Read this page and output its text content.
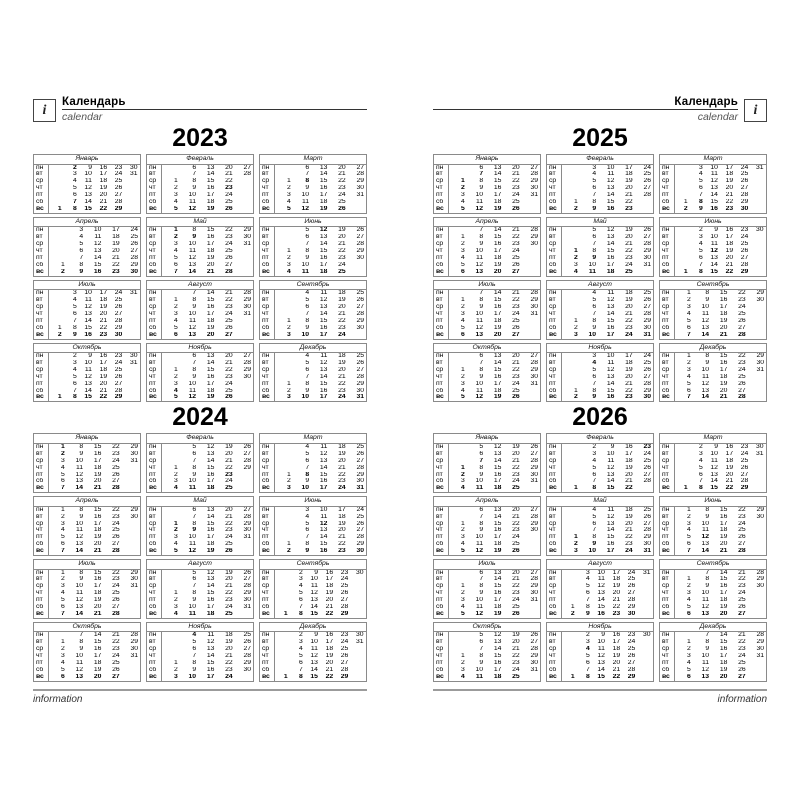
i
Календарь
calendar
2023
Январь
пн		2	9	16	23	30
вт		3	10	17	24	31
ср		4	11	18	25	
чт		5	12	19	26	
пт		6	13	20	27	
сб		7	14	21	28	
вс	1	8	15	22	29	
Февраль
пн		6	13	20	27
вт		7	14	21	28
ср	1	8	15	22	
чт	2	9	16	23	
пт	3	10	17	24	
сб	4	11	18	25	
вс	5	12	19	26	
Март
пн		6	13	20	27
вт		7	14	21	28
ср	1	8	15	22	29
чт	2	9	16	23	30
пт	3	10	17	24	31
сб	4	11	18	25	
вс	5	12	19	26	
Апрель
пн		3	10	17	24
вт		4	11	18	25
ср		5	12	19	26
чт		6	13	20	27
пт		7	14	21	28
сб	1	8	15	22	29
вс	2	9	16	23	30
Май
пн	1	8	15	22	29
вт	2	9	16	23	30
ср	3	10	17	24	31
чт	4	11	18	25	
пт	5	12	19	26	
сб	6	13	20	27	
вс	7	14	21	28	
Июнь
пн		5	12	19	26
вт		6	13	20	27
ср		7	14	21	28
чт	1	8	15	22	29
пт	2	9	16	23	30
сб	3	10	17	24	
вс	4	11	18	25	
Июль
пн		3	10	17	24	31
вт		4	11	18	25	
ср		5	12	19	26	
чт		6	13	20	27	
пт		7	14	21	28	
сб	1	8	15	22	29	
вс	2	9	16	23	30	
Август
пн		7	14	21	28
вт	1	8	15	22	29
ср	2	9	16	23	30
чт	3	10	17	24	31
пт	4	11	18	25	
сб	5	12	19	26	
вс	6	13	20	27	
Сентябрь
пн		4	11	18	25
вт		5	12	19	26
ср		6	13	20	27
чт		7	14	21	28
пт	1	8	15	22	29
сб	2	9	16	23	30
вс	3	10	17	24	
Октябрь
пн		2	9	16	23	30
вт		3	10	17	24	31
ср		4	11	18	25	
чт		5	12	19	26	
пт		6	13	20	27	
сб		7	14	21	28	
вс	1	8	15	22	29	
Ноябрь
пн		6	13	20	27
вт		7	14	21	28
ср	1	8	15	22	29
чт	2	9	16	23	30
пт	3	10	17	24	
сб	4	11	18	25	
вс	5	12	19	26	
Декабрь
пн		4	11	18	25
вт		5	12	19	26
ср		6	13	20	27
чт		7	14	21	28
пт	1	8	15	22	29
сб	2	9	16	23	30
вс	3	10	17	24	31
2024
Январь
пн	1	8	15	22	29
вт	2	9	16	23	30
ср	3	10	17	24	31
чт	4	11	18	25	
пт	5	12	19	26	
сб	6	13	20	27	
вс	7	14	21	28	
Февраль
пн		5	12	19	26
вт		6	13	20	27
ср		7	14	21	28
чт	1	8	15	22	29
пт	2	9	16	23	
сб	3	10	17	24	
вс	4	11	18	25	
Март
пн		4	11	18	25
вт		5	12	19	26
ср		6	13	20	27
чт		7	14	21	28
пт	1	8	15	22	29
сб	2	9	16	23	30
вс	3	10	17	24	31
Апрель
пн	1	8	15	22	29
вт	2	9	16	23	30
ср	3	10	17	24	
чт	4	11	18	25	
пт	5	12	19	26	
сб	6	13	20	27	
вс	7	14	21	28	
Май
пн		6	13	20	27
вт		7	14	21	28
ср	1	8	15	22	29
чт	2	9	16	23	30
пт	3	10	17	24	31
сб	4	11	18	25	
вс	5	12	19	26	
Июнь
пн		3	10	17	24
вт		4	11	18	25
ср		5	12	19	26
чт		6	13	20	27
пт		7	14	21	28
сб	1	8	15	22	29
вс	2	9	16	23	30
Июль
пн	1	8	15	22	29
вт	2	9	16	23	30
ср	3	10	17	24	31
чт	4	11	18	25	
пт	5	12	19	26	
сб	6	13	20	27	
вс	7	14	21	28	
Август
пн		5	12	19	26
вт		6	13	20	27
ср		7	14	21	28
чт	1	8	15	22	29
пт	2	9	16	23	30
сб	3	10	17	24	31
вс	4	11	18	25	
Сентябрь
пн		2	9	16	23	30
вт		3	10	17	24	
ср		4	11	18	25	
чт		5	12	19	26	
пт		6	13	20	27	
сб		7	14	21	28	
вс	1	8	15	22	29	
Октябрь
пн		7	14	21	28
вт	1	8	15	22	29
ср	2	9	16	23	30
чт	3	10	17	24	31
пт	4	11	18	25	
сб	5	12	19	26	
вс	6	13	20	27	
Ноябрь
пн		4	11	18	25
вт		5	12	19	26
ср		6	13	20	27
чт		7	14	21	28
пт	1	8	15	22	29
сб	2	9	16	23	30
вс	3	10	17	24	
Декабрь
пн		2	9	16	23	30
вт		3	10	17	24	31
ср		4	11	18	25	
чт		5	12	19	26	
пт		6	13	20	27	
сб		7	14	21	28	
вс	1	8	15	22	29	
information
i
Календарь
calendar
2025
Январь
пн		6	13	20	27
вт		7	14	21	28
ср	1	8	15	22	29
чт	2	9	16	23	30
пт	3	10	17	24	31
сб	4	11	18	25	
вс	5	12	19	26	
Февраль
пн		3	10	17	24
вт		4	11	18	25
ср		5	12	19	26
чт		6	13	20	27
пт		7	14	21	28
сб	1	8	15	22	
вс	2	9	16	23	
Март
пн		3	10	17	24	31
вт		4	11	18	25	
ср		5	12	19	26	
чт		6	13	20	27	
пт		7	14	21	28	
сб	1	8	15	22	29	
вс	2	9	16	23	30	
Апрель
пн		7	14	21	28
вт	1	8	15	22	29
ср	2	9	16	23	30
чт	3	10	17	24	
пт	4	11	18	25	
сб	5	12	19	26	
вс	6	13	20	27	
Май
пн		5	12	19	26
вт		6	13	20	27
ср		7	14	21	28
чт	1	8	15	22	29
пт	2	9	16	23	30
сб	3	10	17	24	31
вс	4	11	18	25	
Июнь
пн		2	9	16	23	30
вт		3	10	17	24	
ср		4	11	18	25	
чт		5	12	19	26	
пт		6	13	20	27	
сб		7	14	21	28	
вс	1	8	15	22	29	
Июль
пн		7	14	21	28
вт	1	8	15	22	29
ср	2	9	16	23	30
чт	3	10	17	24	31
пт	4	11	18	25	
сб	5	12	19	26	
вс	6	13	20	27	
Август
пн		4	11	18	25
вт		5	12	19	26
ср		6	13	20	27
чт		7	14	21	28
пт	1	8	15	22	29
сб	2	9	16	23	30
вс	3	10	17	24	31
Сентябрь
пн	1	8	15	22	29
вт	2	9	16	23	30
ср	3	10	17	24	
чт	4	11	18	25	
пт	5	12	19	26	
сб	6	13	20	27	
вс	7	14	21	28	
Октябрь
пн		6	13	20	27
вт		7	14	21	28
ср	1	8	15	22	29
чт	2	9	16	23	30
пт	3	10	17	24	31
сб	4	11	18	25	
вс	5	12	19	26	
Ноябрь
пн		3	10	17	24
вт		4	11	18	25
ср		5	12	19	26
чт		6	13	20	27
пт		7	14	21	28
сб	1	8	15	22	29
вс	2	9	16	23	30
Декабрь
пн	1	8	15	22	29
вт	2	9	16	23	30
ср	3	10	17	24	31
чт	4	11	18	25	
пт	5	12	19	26	
сб	6	13	20	27	
вс	7	14	21	28	
2026
Январь
пн		5	12	19	26
вт		6	13	20	27
ср		7	14	21	28
чт	1	8	15	22	29
пт	2	9	16	23	30
сб	3	10	17	24	31
вс	4	11	18	25	
Февраль
пн		2	9	16	23
вт		3	10	17	24
ср		4	11	18	25
чт		5	12	19	26
пт		6	13	20	27
сб		7	14	21	28
вс	1	8	15	22	
Март
пн		2	9	16	23	30
вт		3	10	17	24	31
ср		4	11	18	25	
чт		5	12	19	26	
пт		6	13	20	27	
сб		7	14	21	28	
вс	1	8	15	22	29	
Апрель
пн		6	13	20	27
вт		7	14	21	28
ср	1	8	15	22	29
чт	2	9	16	23	30
пт	3	10	17	24	
сб	4	11	18	25	
вс	5	12	19	26	
Май
пн		4	11	18	25
вт		5	12	19	26
ср		6	13	20	27
чт		7	14	21	28
пт	1	8	15	22	29
сб	2	9	16	23	30
вс	3	10	17	24	31
Июнь
пн	1	8	15	22	29
вт	2	9	16	23	30
ср	3	10	17	24	
чт	4	11	18	25	
пт	5	12	19	26	
сб	6	13	20	27	
вс	7	14	21	28	
Июль
пн		6	13	20	27
вт		7	14	21	28
ср	1	8	15	22	29
чт	2	9	16	23	30
пт	3	10	17	24	31
сб	4	11	18	25	
вс	5	12	19	26	
Август
пн		3	10	17	24	31
вт		4	11	18	25	
ср		5	12	19	26	
чт		6	13	20	27	
пт		7	14	21	28	
сб	1	8	15	22	29	
вс	2	9	16	23	30	
Сентябрь
пн		7	14	21	28
вт	1	8	15	22	29
ср	2	9	16	23	30
чт	3	10	17	24	
пт	4	11	18	25	
сб	5	12	19	26	
вс	6	13	20	27	
Октябрь
пн		5	12	19	26
вт		6	13	20	27
ср		7	14	21	28
чт	1	8	15	22	29
пт	2	9	16	23	30
сб	3	10	17	24	31
вс	4	11	18	25	
Ноябрь
пн		2	9	16	23	30
вт		3	10	17	24	
ср		4	11	18	25	
чт		5	12	19	26	
пт		6	13	20	27	
сб		7	14	21	28	
вс	1	8	15	22	29	
Декабрь
пн		7	14	21	28
вт	1	8	15	22	29
ср	2	9	16	23	30
чт	3	10	17	24	31
пт	4	11	18	25	
сб	5	12	19	26	
вс	6	13	20	27	
information
